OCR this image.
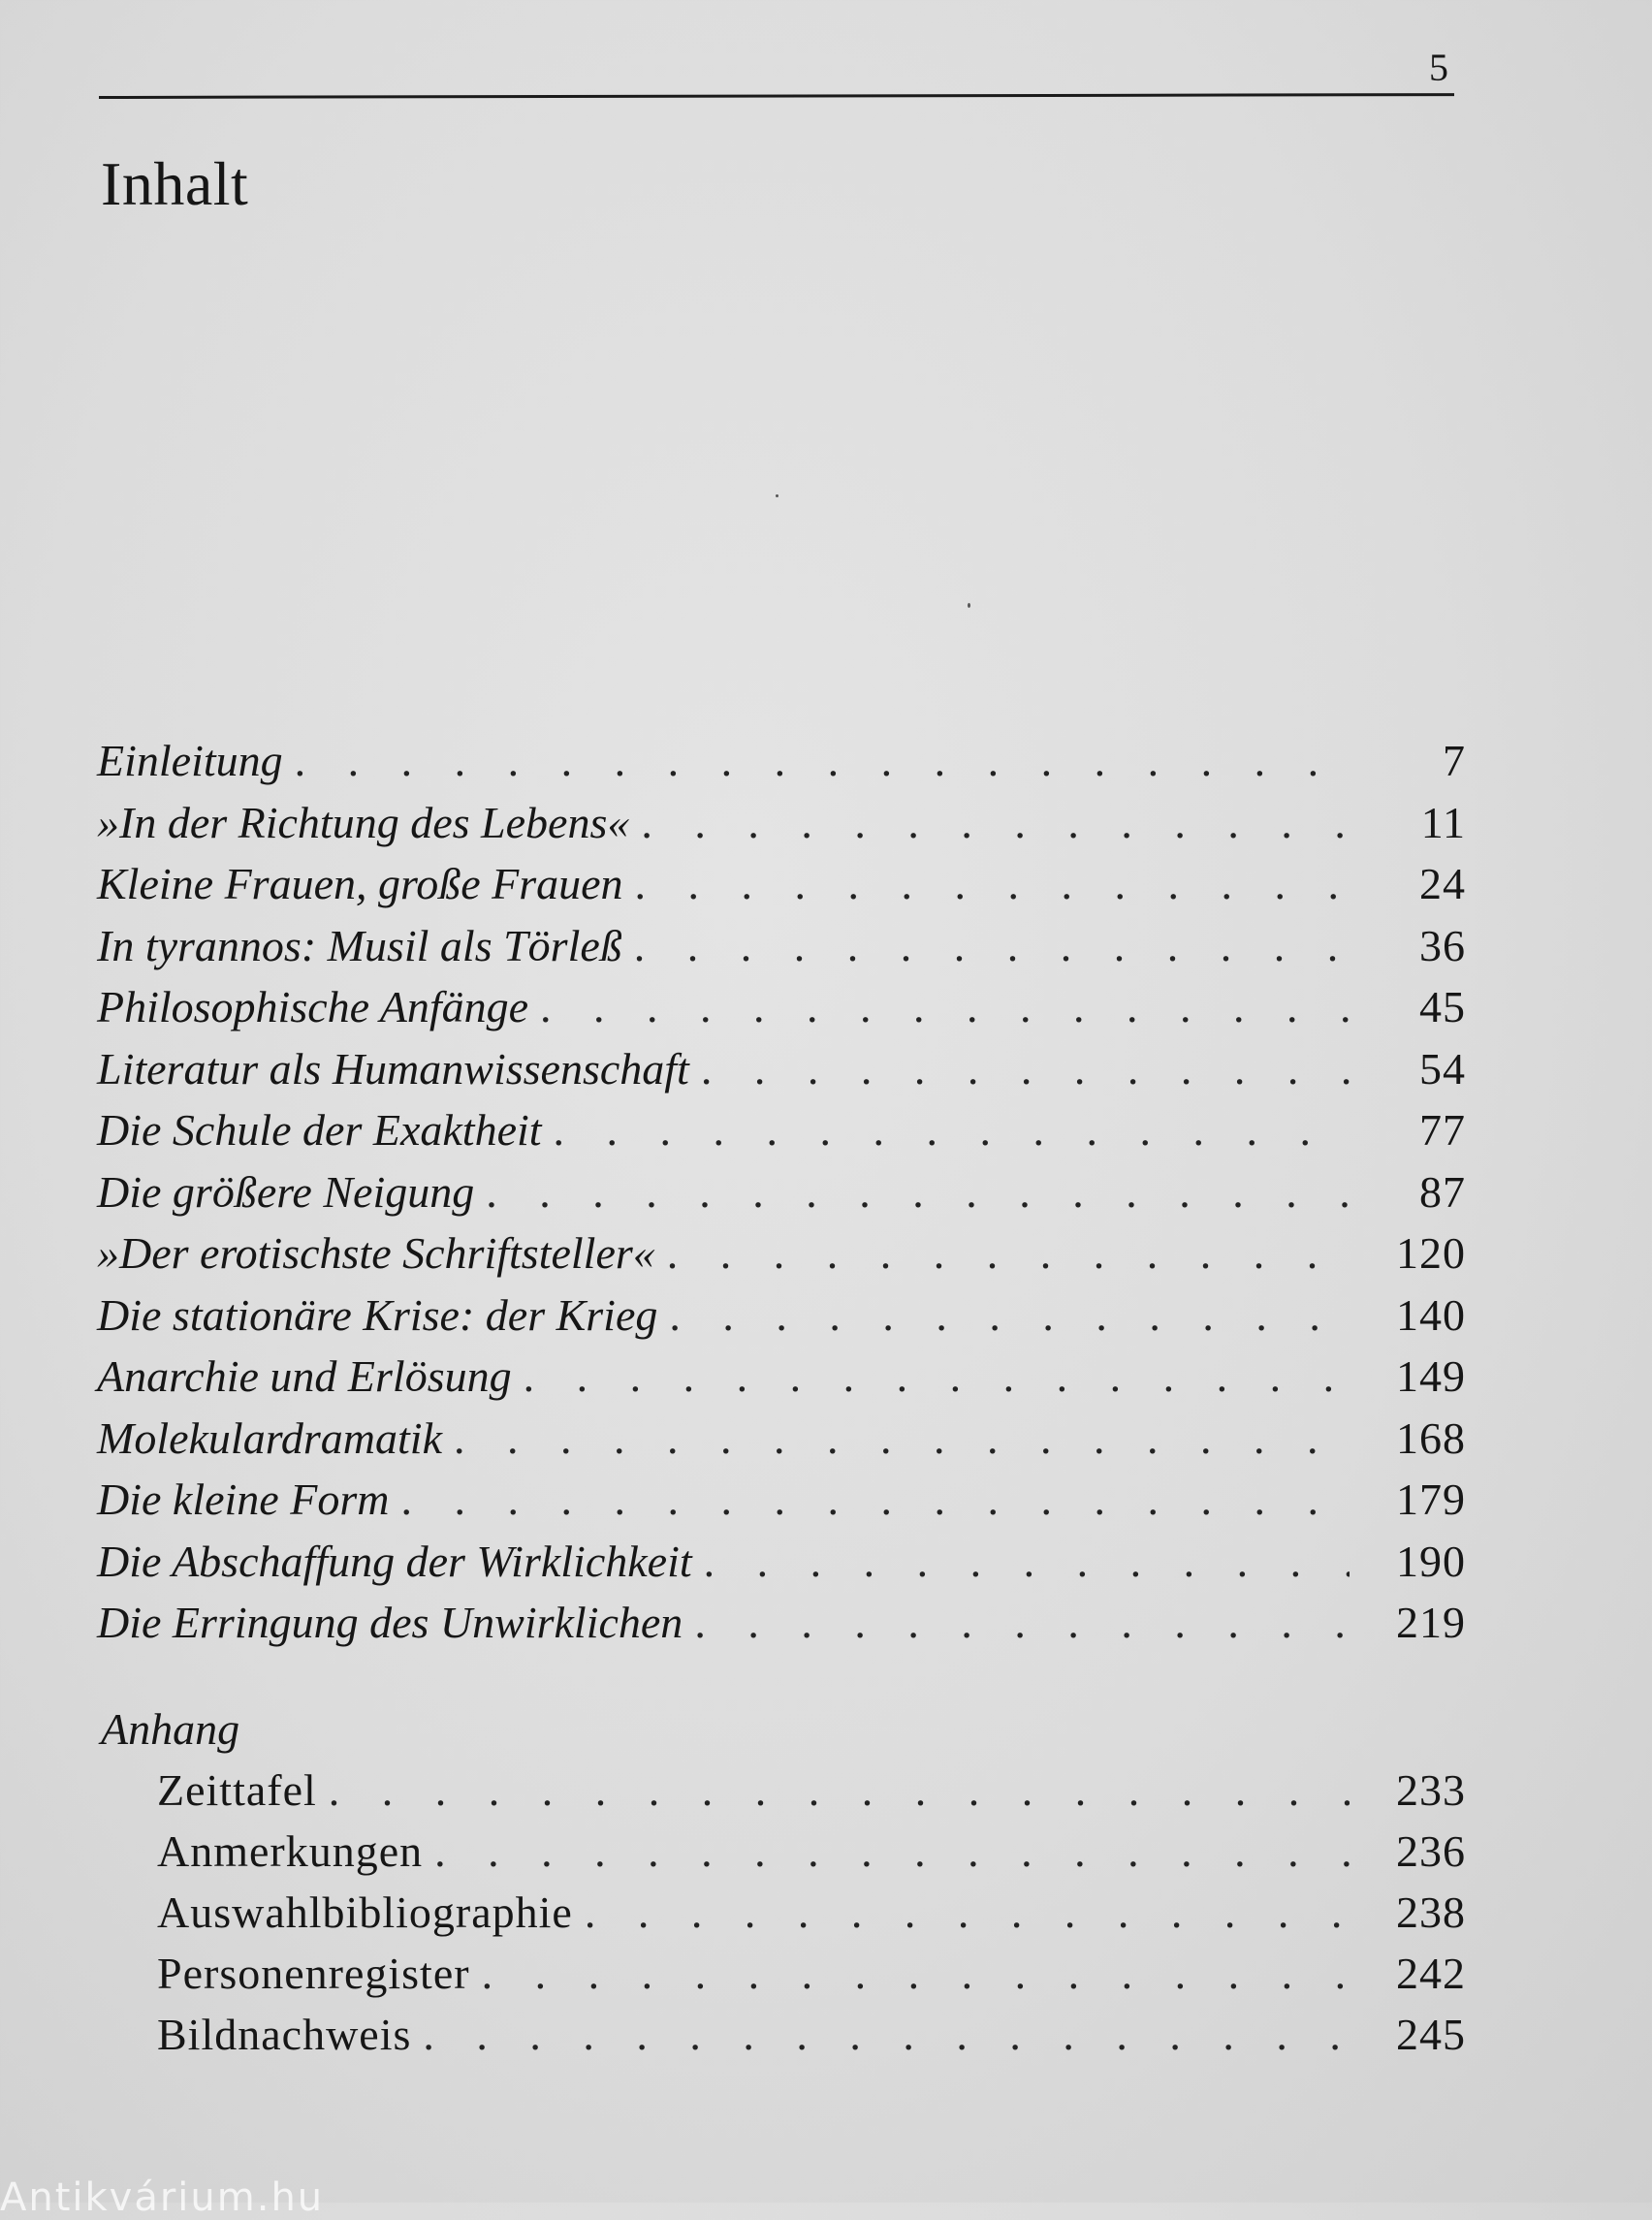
5
Inhalt
Einleitung . . .	7
»In der Richtung des Lebens« . . .	11
Kleine Frauen, große Frauen . . .	24
In tyrannos: Musil als Törleß . . .	36
Philosophische Anfänge . . .	45
Literatur als Humanwissenschaft . . .	54
Die Schule der Exaktheit . . .	77
Die größere Neigung . . .	87
»Der erotischste Schriftsteller« . . .	120
Die stationäre Krise: der Krieg . . .	140
Anarchie und Erlösung . . .	149
Molekulardramatik . . .	168
Die kleine Form . . .	179
Die Abschaffung der Wirklichkeit . . .	190
Die Erringung des Unwirklichen . . .	219
Anhang
Zeittafel . . .	233
Anmerkungen . . .	236
Auswahlbibliographie . . .	238
Personenregister . . .	242
Bildnachweis . . .	245
Antikvárium.hu
